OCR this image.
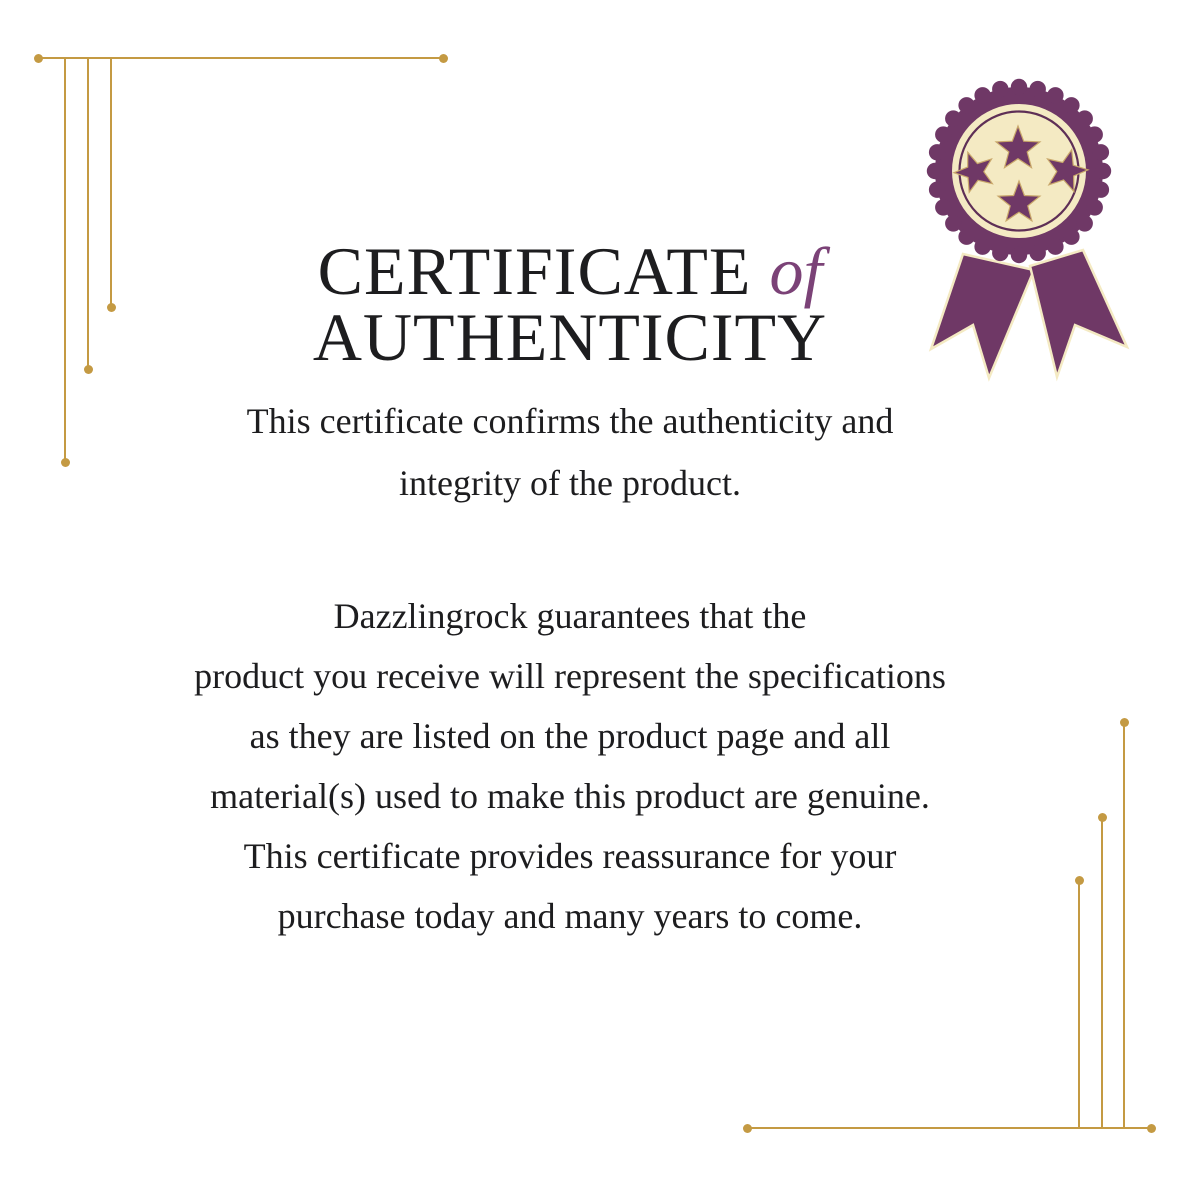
CERTIFICATE of
AUTHENTICITY
This certificate confirms the authenticity and
integrity of the product.
Dazzlingrock guarantees that the
product you receive will represent the specifications
as they are listed on the product page and all
material(s) used to make this product are genuine.
This certificate provides reassurance for your
purchase today and many years to come.
